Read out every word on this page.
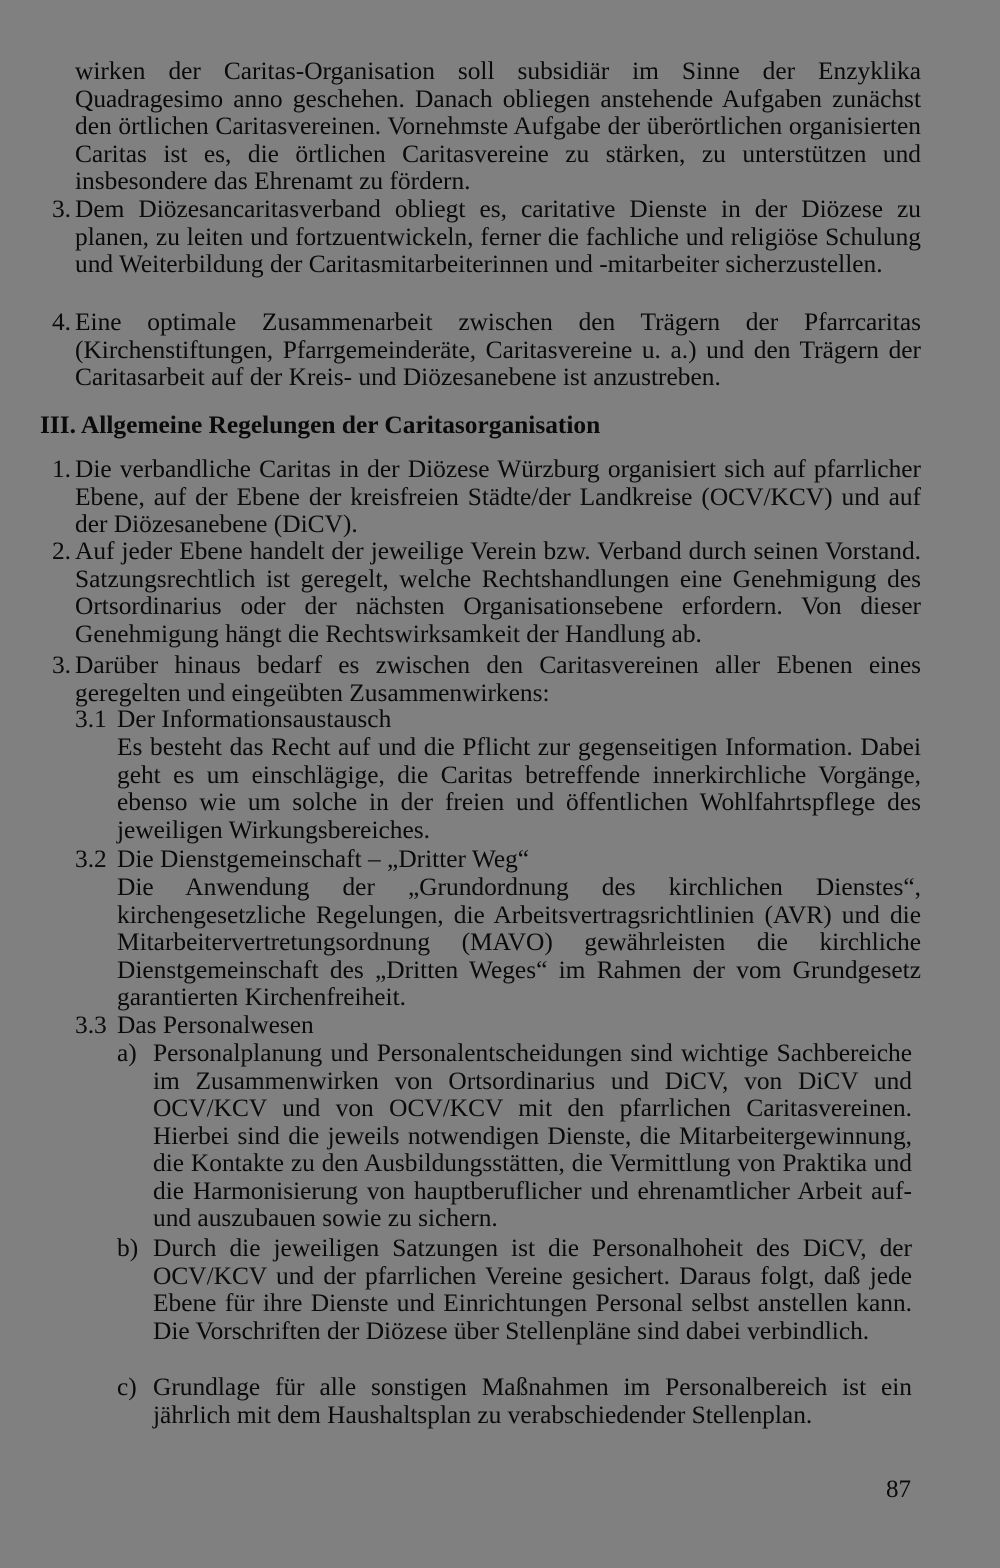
wirken der Caritas-Organisation soll subsidiär im Sinne der Enzyklika Quadragesimo anno geschehen. Danach obliegen anstehende Aufgaben zunächst den örtlichen Caritasvereinen. Vornehmste Aufgabe der überörtlichen organisierten Caritas ist es, die örtlichen Caritasvereine zu stärken, zu unterstützen und insbesondere das Ehrenamt zu fördern.

3. Dem Diözesancaritasverband obliegt es, caritative Dienste in der Diözese zu planen, zu leiten und fortzuentwickeln, ferner die fachliche und religiöse Schulung und Weiterbildung der Caritasmitarbeiterinnen und -mitarbeiter sicherzustellen.
4. Eine optimale Zusammenarbeit zwischen den Trägern der Pfarrcaritas (Kirchenstiftungen, Pfarrgemeinderäte, Caritasvereine u. a.) und den Trägern der Caritasarbeit auf der Kreis- und Diözesanebene ist anzustreben.
III. Allgemeine Regelungen der Caritasorganisation
1. Die verbandliche Caritas in der Diözese Würzburg organisiert sich auf pfarrlicher Ebene, auf der Ebene der kreisfreien Städte/der Landkreise (OCV/KCV) und auf der Diözesanebene (DiCV).
2. Auf jeder Ebene handelt der jeweilige Verein bzw. Verband durch seinen Vorstand. Satzungsrechtlich ist geregelt, welche Rechtshandlungen eine Genehmigung des Ortsordinarius oder der nächsten Organisationsebene erfordern. Von dieser Genehmigung hängt die Rechtswirksamkeit der Handlung ab.
3. Darüber hinaus bedarf es zwischen den Caritasvereinen aller Ebenen eines geregelten und eingeübten Zusammenwirkens:
3.1 Der Informationsaustausch
Es besteht das Recht auf und die Pflicht zur gegenseitigen Information. Dabei geht es um einschlägige, die Caritas betreffende innerkirchliche Vorgänge, ebenso wie um solche in der freien und öffentlichen Wohlfahrtspflege des jeweiligen Wirkungsbereiches.
3.2 Die Dienstgemeinschaft – „Dritter Weg“
Die Anwendung der „Grundordnung des kirchlichen Dienstes“, kirchengesetzliche Regelungen, die Arbeitsvertragsrichtlinien (AVR) und die Mitarbeitervertretungsordnung (MAVO) gewährleisten die kirchliche Dienstgemeinschaft des „Dritten Weges“ im Rahmen der vom Grundgesetz garantierten Kirchenfreiheit.
3.3 Das Personalwesen
a) Personalplanung und Personalentscheidungen sind wichtige Sachbereiche im Zusammenwirken von Ortsordinarius und DiCV, von DiCV und OCV/KCV und von OCV/KCV mit den pfarrlichen Caritasvereinen. Hierbei sind die jeweils notwendigen Dienste, die Mitarbeitergewinnung, die Kontakte zu den Ausbildungsstätten, die Vermittlung von Praktika und die Harmonisierung von hauptberuflicher und ehrenamtlicher Arbeit auf- und auszubauen sowie zu sichern.
b) Durch die jeweiligen Satzungen ist die Personalhoheit des DiCV, der OCV/KCV und der pfarrlichen Vereine gesichert. Daraus folgt, daß jede Ebene für ihre Dienste und Einrichtungen Personal selbst anstellen kann. Die Vorschriften der Diözese über Stellenpläne sind dabei verbindlich.
c) Grundlage für alle sonstigen Maßnahmen im Personalbereich ist ein jährlich mit dem Haushaltsplan zu verabschiedender Stellenplan.
87
